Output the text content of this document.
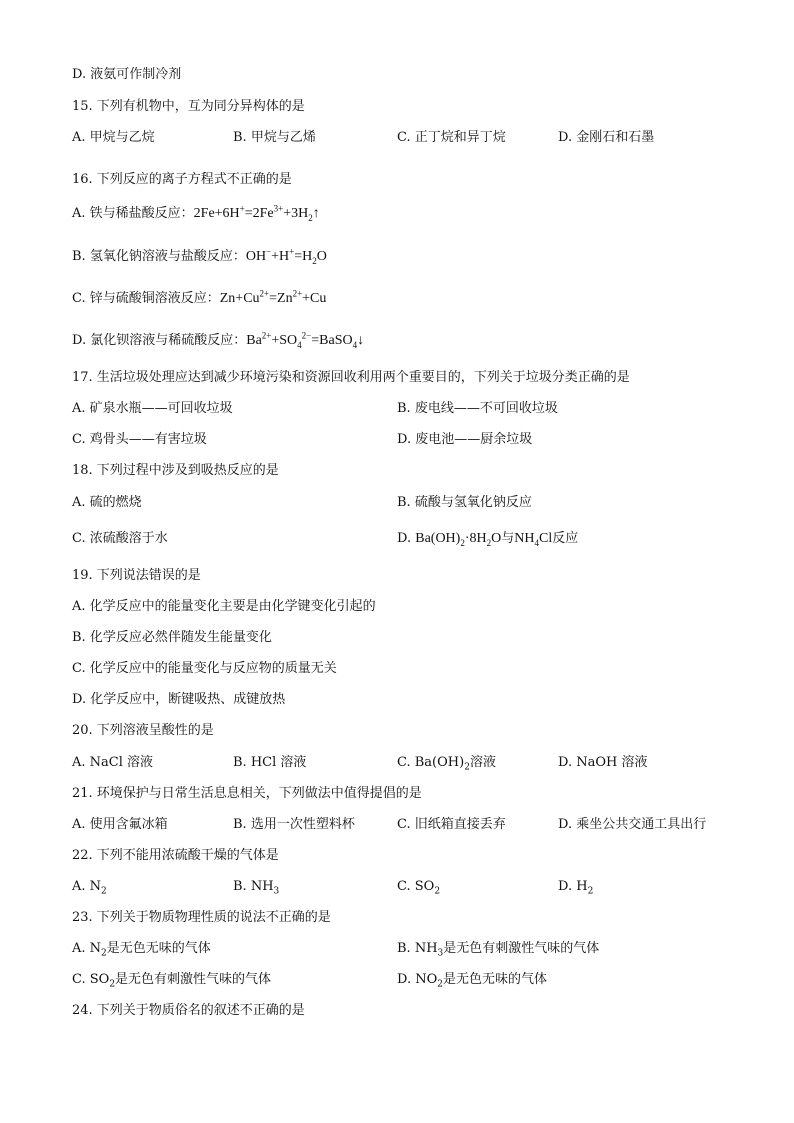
D. 液氨可作制冷剂
15. 下列有机物中，互为同分异构体的是
A. 甲烷与乙烷	B. 甲烷与乙烯	C. 正丁烷和异丁烷	D. 金刚石和石墨
16. 下列反应的离子方程式不正确的是
A. 铁与稀盐酸反应：$2Fe+6H^+=2Fe^{3+}+3H_2↑$
B. 氢氧化钠溶液与盐酸反应：$OH^-+H^+=H_2O$
C. 锌与硫酸铜溶液反应：$Zn+Cu^{2+}=Zn^{2+}+Cu$
D. 氯化钡溶液与稀硫酸反应：$Ba^{2+}+SO_4^{2-}=BaSO_4↓$
17. 生活垃圾处理应达到减少环境污染和资源回收利用两个重要目的，下列关于垃圾分类正确的是
A. 矿泉水瓶——可回收垃圾	B. 废电线——不可回收垃圾
C. 鸡骨头——有害垃圾	D. 废电池——厨余垃圾
18. 下列过程中涉及到吸热反应的是
A. 硫的燃烧	B. 硫酸与氢氧化钠反应
C. 浓硫酸溶于水	D. $Ba(OH)_2\cdot 8H_2O$与$NH_4Cl$反应
19. 下列说法错误的是
A. 化学反应中的能量变化主要是由化学键变化引起的
B. 化学反应必然伴随发生能量变化
C. 化学反应中的能量变化与反应物的质量无关
D. 化学反应中，断键吸热、成键放热
20. 下列溶液呈酸性的是
A. NaCl 溶液	B. HCl 溶液	C. $Ba(OH)_2$溶液	D. NaOH 溶液
21. 环境保护与日常生活息息相关，下列做法中值得提倡的是
A. 使用含氟冰箱	B. 选用一次性塑料杯	C. 旧纸箱直接丢弃	D. 乘坐公共交通工具出行
22. 下列不能用浓硫酸干燥的气体是
A. $N_2$	B. $NH_3$	C. $SO_2$	D. $H_2$
23. 下列关于物质物理性质的说法不正确的是
A. $N_2$是无色无味的气体	B. $NH_3$是无色有刺激性气味的气体
C. $SO_2$是无色有刺激性气味的气体	D. $NO_2$是无色无味的气体
24. 下列关于物质俗名的叙述不正确的是
